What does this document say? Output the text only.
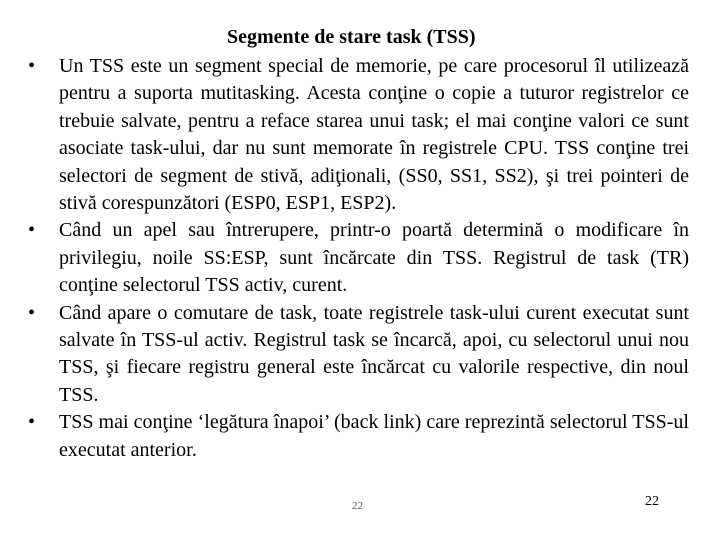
Segmente de stare task (TSS)
•	Un TSS este un segment special de memorie, pe care procesorul îl utilizează pentru a suporta mutitasking. Acesta conţine o copie a tuturor registrelor ce trebuie salvate, pentru a reface starea unui task; el mai conţine valori ce sunt asociate task-ului, dar nu sunt memorate în registrele CPU. TSS conţine trei selectori de segment de stivă, adiţionali, (SS0, SS1, SS2), şi trei pointeri de stivă corespunzători (ESP0, ESP1, ESP2).
•	Când un apel sau întrerupere, printr-o poartă determină o modificare în privilegiu, noile SS:ESP, sunt încărcate din TSS. Registrul de task (TR) conţine selectorul TSS activ, curent.
•	Când apare o comutare de task, toate registrele task-ului curent executat sunt salvate în TSS-ul activ. Registrul task se încarcă, apoi, cu selectorul unui nou TSS, şi fiecare registru general este încărcat cu valorile respective, din noul TSS.
•	TSS mai conţine ‘legătura înapoi’ (back link) care reprezintă selectorul TSS-ul executat anterior.
22	22
